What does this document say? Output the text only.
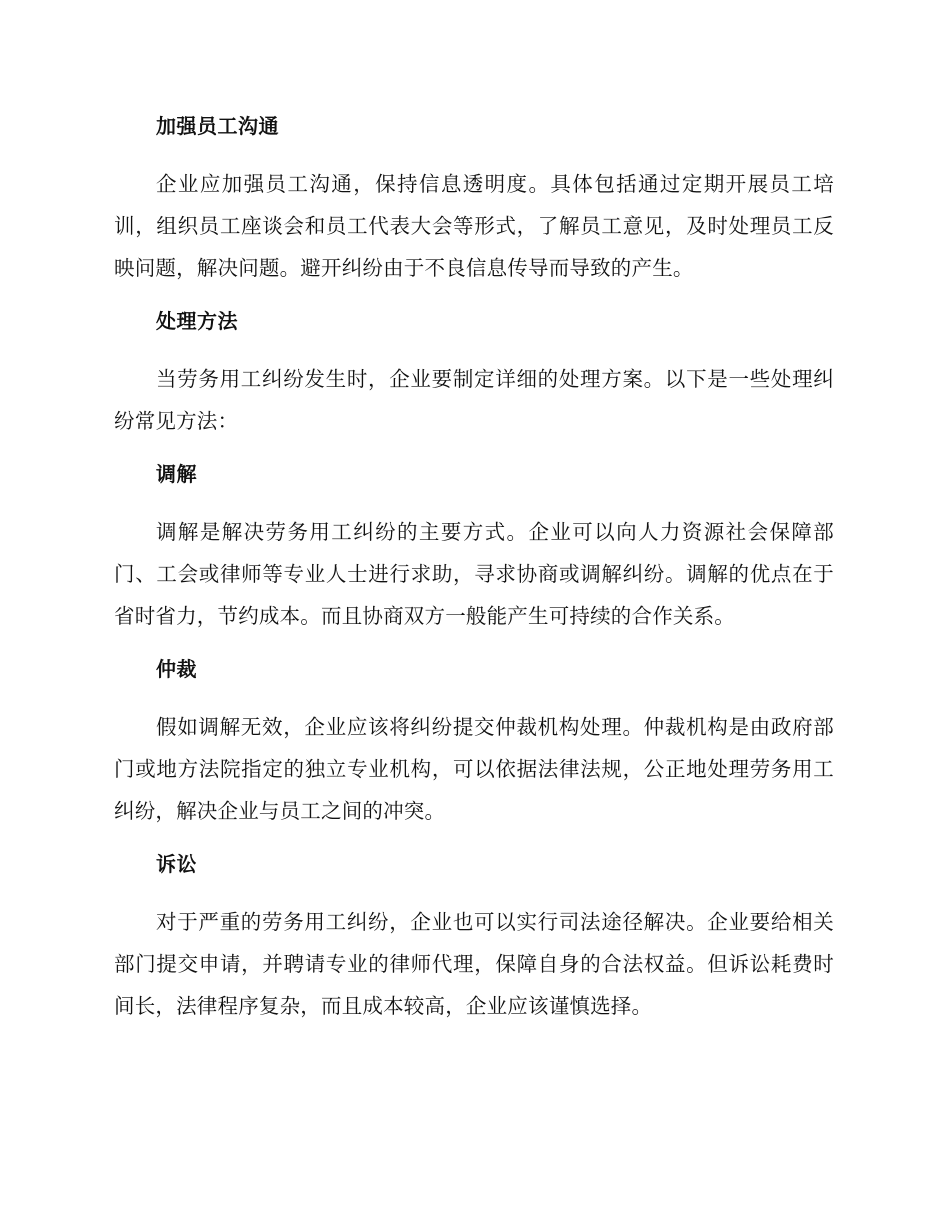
加强员工沟通

企业应加强员工沟通，保持信息透明度。具体包括通过定期开展员工培训，组织员工座谈会和员工代表大会等形式，了解员工意见，及时处理员工反映问题，解决问题。避开纠纷由于不良信息传导而导致的产生。

处理方法

当劳务用工纠纷发生时，企业要制定详细的处理方案。以下是一些处理纠纷常见方法：

调解

调解是解决劳务用工纠纷的主要方式。企业可以向人力资源社会保障部门、工会或律师等专业人士进行求助，寻求协商或调解纠纷。调解的优点在于省时省力，节约成本。而且协商双方一般能产生可持续的合作关系。

仲裁

假如调解无效，企业应该将纠纷提交仲裁机构处理。仲裁机构是由政府部门或地方法院指定的独立专业机构，可以依据法律法规，公正地处理劳务用工纠纷，解决企业与员工之间的冲突。

诉讼

对于严重的劳务用工纠纷，企业也可以实行司法途径解决。企业要给相关部门提交申请，并聘请专业的律师代理，保障自身的合法权益。但诉讼耗费时间长，法律程序复杂，而且成本较高，企业应该谨慎选择。
